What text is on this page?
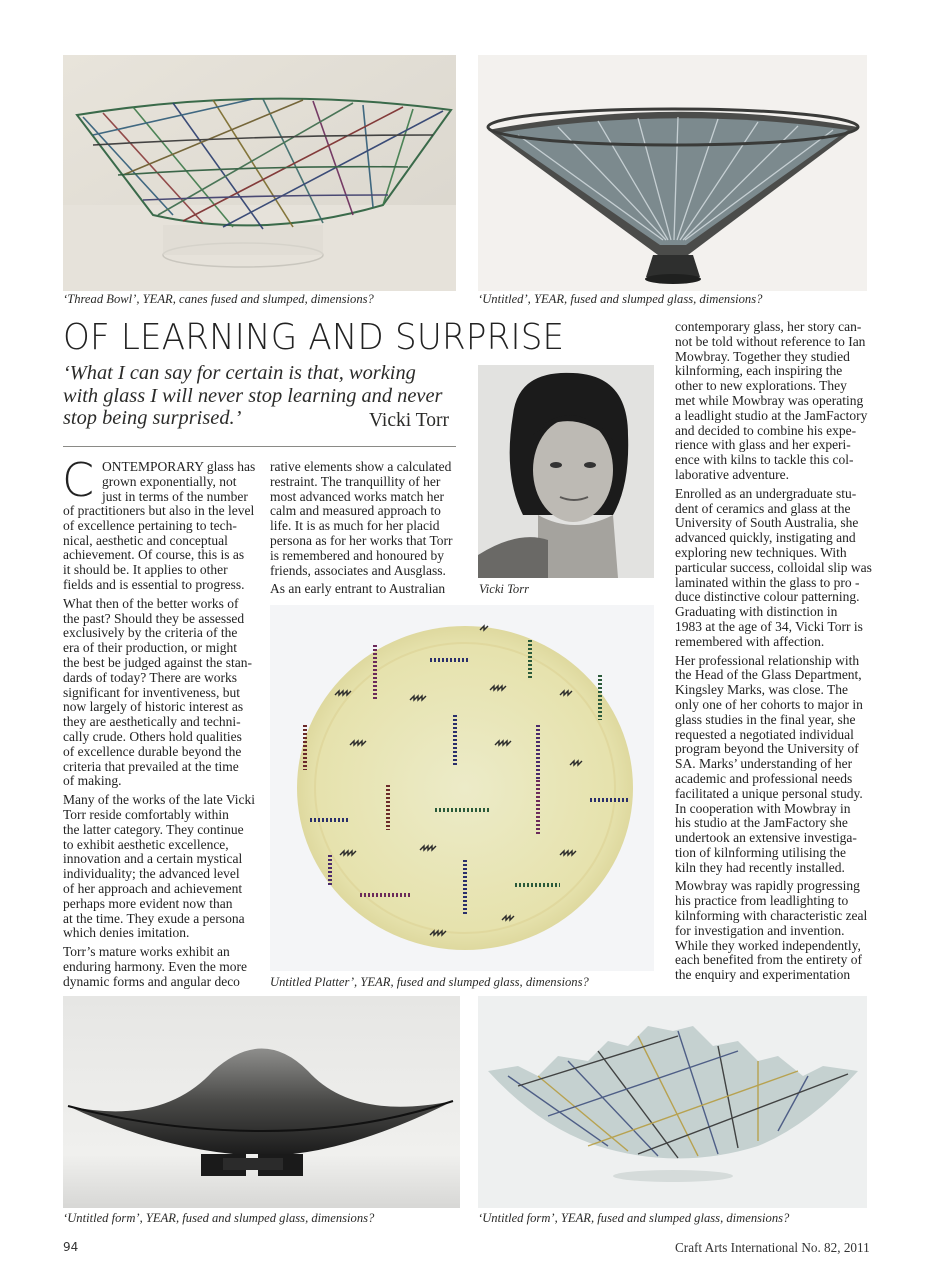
‘Thread Bowl’, YEAR, canes fused and slumped, dimensions?	‘Untitled’, YEAR, fused and slumped glass, dimensions?
OF LEARNING AND SURPRISE
‘What I can say for certain is that, working
with glass I will never stop learning and never
stop being surprised.’	Vicki Torr
Vicki Torr
C ONTEMPORARY glass has
grown exponentially, not
just in terms of the number
of practitioners but also in the level
of excellence pertaining to tech-
nical, aesthetic and conceptual
achievement. Of course, this is as
it should be. It applies to other
fields and is essential to progress.
What then of the better works of
the past? Should they be assessed
exclusively by the criteria of the
era of their production, or might
the best be judged against the stan-
dards of today? There are works
significant for inventiveness, but
now largely of historic interest as
they are aesthetically and techni-
cally crude. Others hold qualities
of excellence durable beyond the
criteria that prevailed at the time
of making.
Many of the works of the late Vicki
Torr reside comfortably within
the latter category. They continue
to exhibit aesthetic excellence,
innovation and a certain mystical
individuality; the advanced level
of her approach and achievement
perhaps more evident now than
at the time. They exude a persona
which denies imitation.
Torr’s mature works exhibit an
enduring harmony. Even the more
dynamic forms and angular deco
rative elements show a calculated
restraint. The tranquillity of her
most advanced works match her
calm and measured approach to
life. It is as much for her placid
persona as for her works that Torr
is remembered and honoured by
friends, associates and Ausglass.
As an early entrant to Australian
Untitled Platter’, YEAR, fused and slumped glass, dimensions?
contemporary glass, her story can-
not be told without reference to Ian
Mowbray. Together they studied
kilnforming, each inspiring the
other to new explorations. They
met while Mowbray was operating
a leadlight studio at the JamFactory
and decided to combine his expe-
rience with glass and her experi-
ence with kilns to tackle this col-
laborative adventure.
Enrolled as an undergraduate stu-
dent of ceramics and glass at the
University of South Australia, she
advanced quickly, instigating and
exploring new techniques. With
particular success, colloidal slip was
laminated within the glass to pro -
duce distinctive colour patterning.
Graduating with distinction in
1983 at the age of 34, Vicki Torr is
remembered with affection.
Her professional relationship with
the Head of the Glass Department,
Kingsley Marks, was close. The
only one of her cohorts to major in
glass studies in the final year, she
requested a negotiated individual
program beyond the University of
SA. Marks’ understanding of her
academic and professional needs
facilitated a unique personal study.
In cooperation with Mowbray in
his studio at the JamFactory she
undertook an extensive investiga-
tion of kilnforming utilising the
kiln they had recently installed.
Mowbray was rapidly progressing
his practice from leadlighting to
kilnforming with characteristic zeal
for investigation and invention.
While they worked independently,
each benefited from the entirety of
the enquiry and experimentation
‘Untitled form’, YEAR, fused and slumped glass, dimensions?	‘Untitled form’, YEAR, fused and slumped glass, dimensions?
94	Craft Arts International No. 82, 2011
